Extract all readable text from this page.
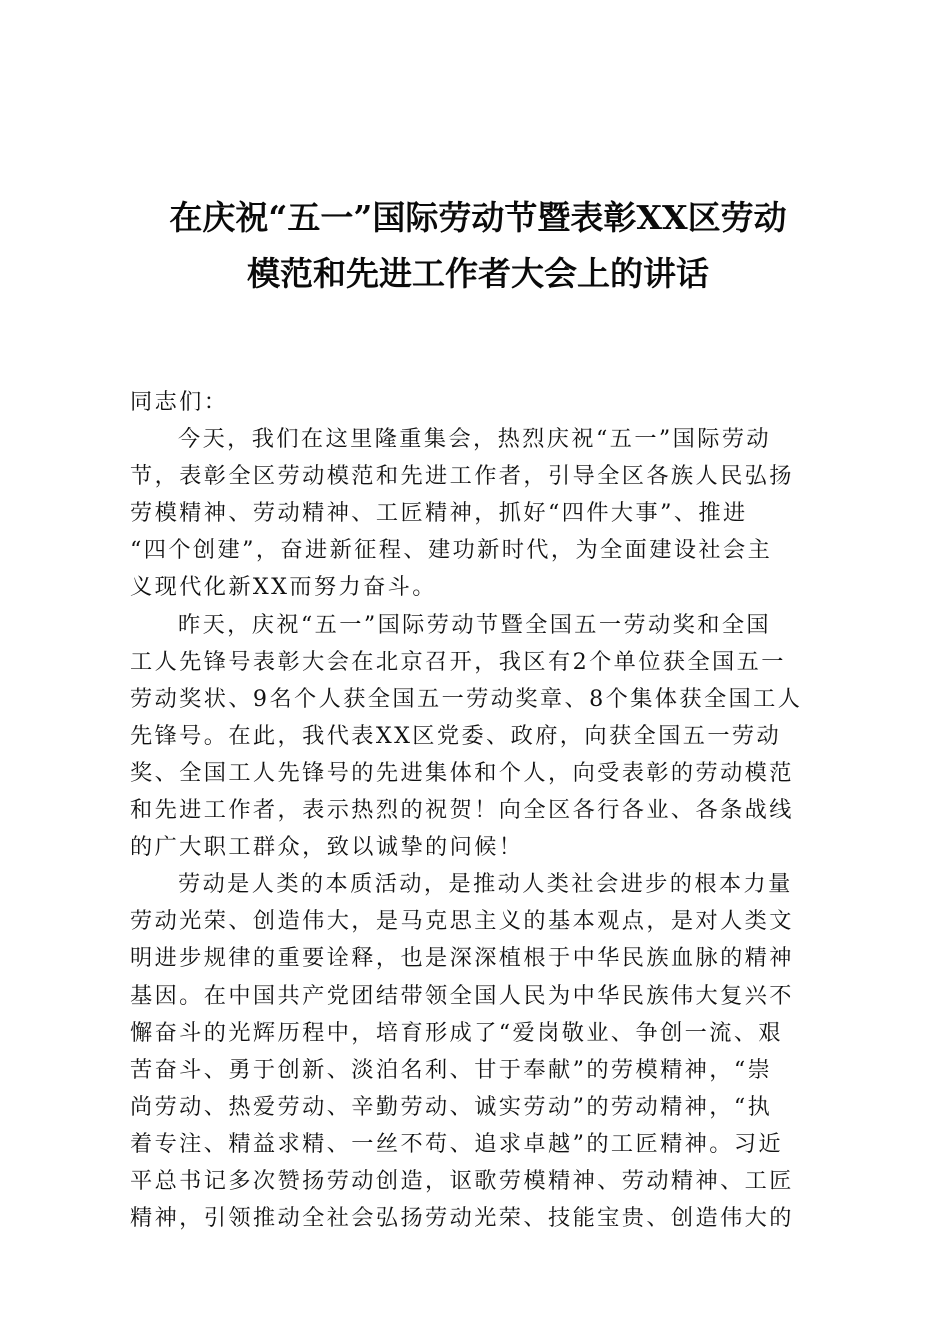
在庆祝“五一”国际劳动节暨表彰XX区劳动
模范和先进工作者大会上的讲话
同志们：
今天，我们在这里隆重集会，热烈庆祝“五一”国际劳动
节，表彰全区劳动模范和先进工作者，引导全区各族人民弘扬
劳模精神、劳动精神、工匠精神，抓好“四件大事”、推进
“四个创建”，奋进新征程、建功新时代，为全面建设社会主
义现代化新XX而努力奋斗。
昨天，庆祝“五一”国际劳动节暨全国五一劳动奖和全国
工人先锋号表彰大会在北京召开，我区有2个单位获全国五一
劳动奖状、9名个人获全国五一劳动奖章、8个集体获全国工人
先锋号。在此，我代表XX区党委、政府，向获全国五一劳动
奖、全国工人先锋号的先进集体和个人，向受表彰的劳动模范
和先进工作者，表示热烈的祝贺！向全区各行各业、各条战线
的广大职工群众，致以诚挚的问候！
劳动是人类的本质活动，是推动人类社会进步的根本力量
劳动光荣、创造伟大，是马克思主义的基本观点，是对人类文
明进步规律的重要诠释，也是深深植根于中华民族血脉的精神
基因。在中国共产党团结带领全国人民为中华民族伟大复兴不
懈奋斗的光辉历程中，培育形成了“爱岗敬业、争创一流、艰
苦奋斗、勇于创新、淡泊名利、甘于奉献”的劳模精神，“崇
尚劳动、热爱劳动、辛勤劳动、诚实劳动”的劳动精神，“执
着专注、精益求精、一丝不苟、追求卓越”的工匠精神。习近
平总书记多次赞扬劳动创造，讴歌劳模精神、劳动精神、工匠
精神，引领推动全社会弘扬劳动光荣、技能宝贵、创造伟大的
